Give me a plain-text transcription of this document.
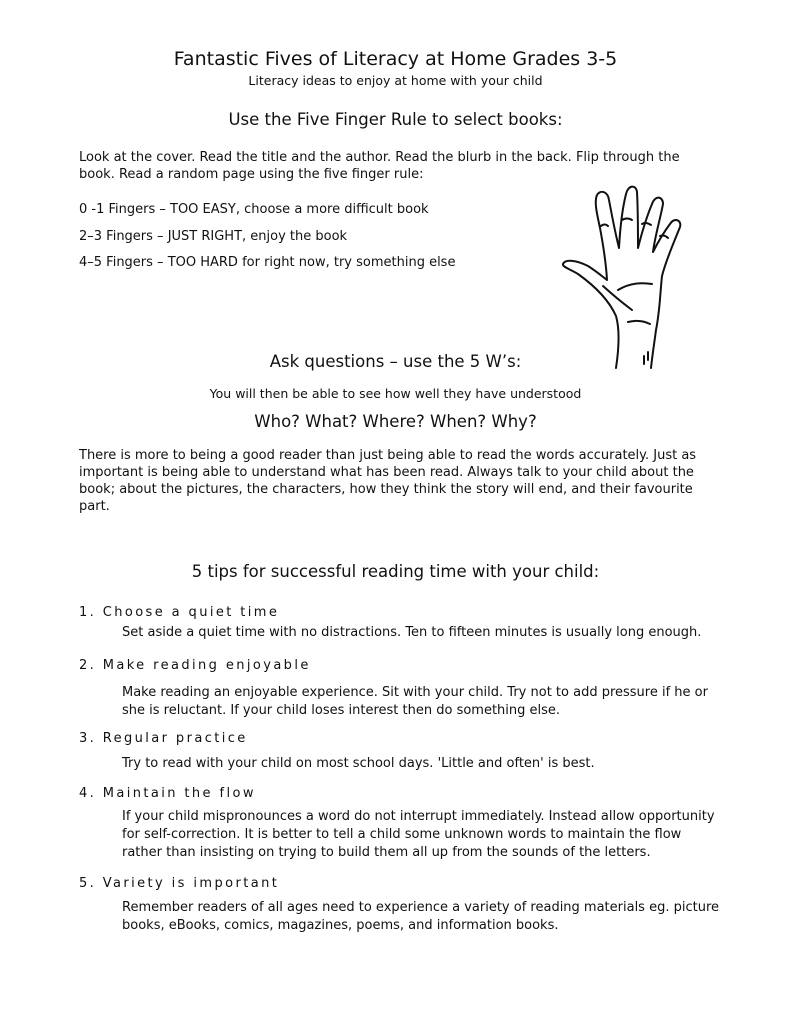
Fantastic Fives of Literacy at Home Grades 3-5
Literacy ideas to enjoy at home with your child
Use the Five Finger Rule to select books:
Look at the cover. Read the title and the author. Read the blurb in the back. Flip through the book. Read a random page using the five finger rule:
0 -1 Fingers – TOO EASY, choose a more difficult book
2–3 Fingers – JUST RIGHT, enjoy the book
4–5 Fingers – TOO HARD for right now, try something else
Ask questions – use the 5 W’s:
You will then be able to see how well they have understood
Who? What? Where? When? Why?
There is more to being a good reader than just being able to read the words accurately. Just as important is being able to understand what has been read. Always talk to your child about the book; about the pictures, the characters, how they think the story will end, and their favourite part.
5 tips for successful reading time with your child:
1. Choose a quiet time
Set aside a quiet time with no distractions. Ten to fifteen minutes is usually long enough.
2. Make reading enjoyable
Make reading an enjoyable experience. Sit with your child. Try not to add pressure if he or she is reluctant. If your child loses interest then do something else.
3. Regular practice
Try to read with your child on most school days. 'Little and often' is best.
4. Maintain the flow
If your child mispronounces a word do not interrupt immediately. Instead allow opportunity for self-correction. It is better to tell a child some unknown words to maintain the flow rather than insisting on trying to build them all up from the sounds of the letters.
5. Variety is important
Remember readers of all ages need to experience a variety of reading materials eg. picture books, eBooks, comics, magazines, poems, and information books.
